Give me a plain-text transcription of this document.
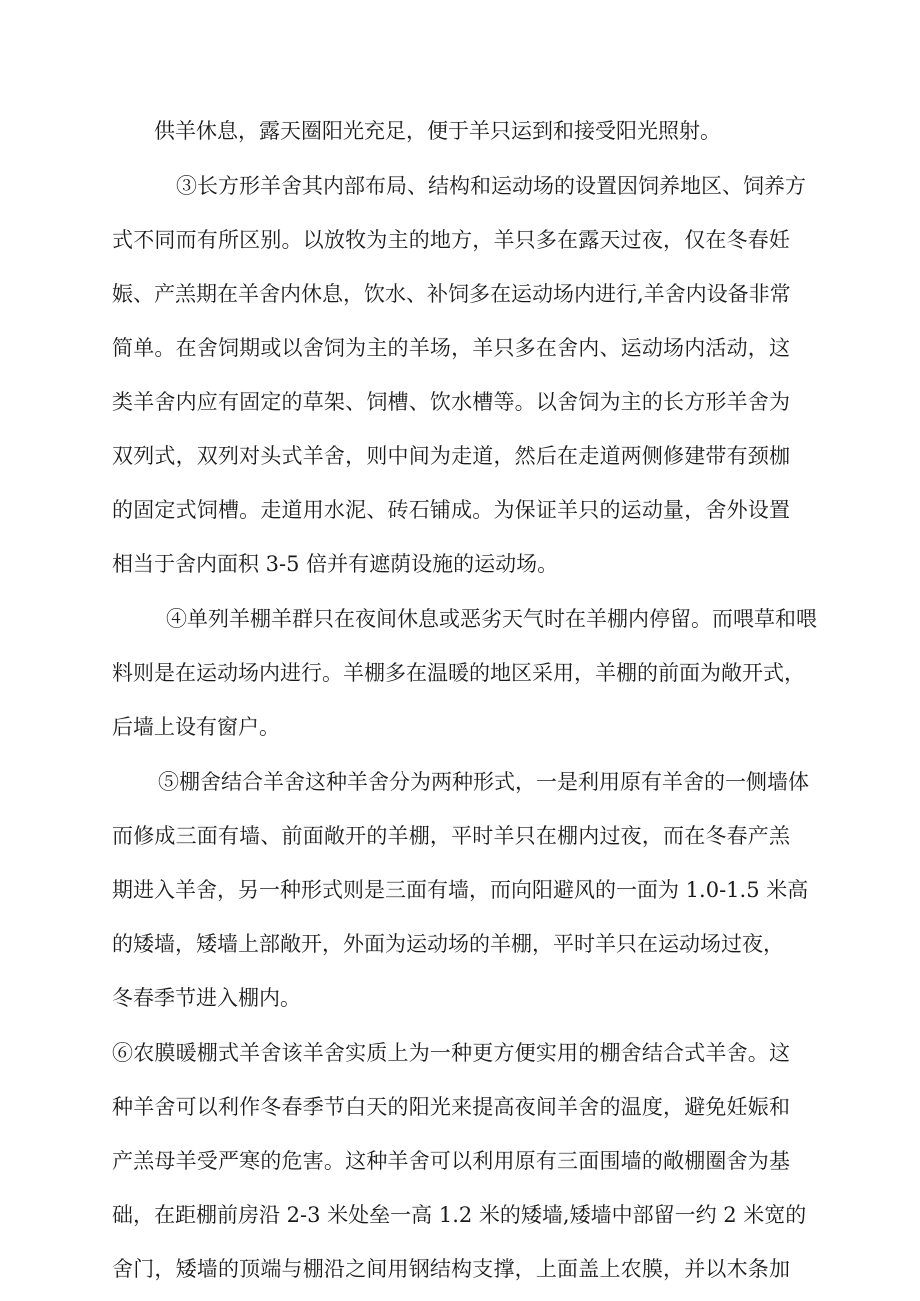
供羊休息，露天圈阳光充足，便于羊只运到和接受阳光照射。
③长方形羊舍其内部布局、结构和运动场的设置因饲养地区、饲养方
式不同而有所区别。以放牧为主的地方，羊只多在露天过夜，仅在冬春妊
娠、产羔期在羊舍内休息，饮水、补饲多在运动场内进行,羊舍内设备非常
简单。在舍饲期或以舍饲为主的羊场，羊只多在舍内、运动场内活动，这
类羊舍内应有固定的草架、饲槽、饮水槽等。以舍饲为主的长方形羊舍为
双列式，双列对头式羊舍，则中间为走道，然后在走道两侧修建带有颈枷
的固定式饲槽。走道用水泥、砖石铺成。为保证羊只的运动量，舍外设置
相当于舍内面积 3-5 倍并有遮荫设施的运动场。
④单列羊棚羊群只在夜间休息或恶劣天气时在羊棚内停留。而喂草和喂
料则是在运动场内进行。羊棚多在温暖的地区采用，羊棚的前面为敞开式，
后墙上设有窗户。
⑤棚舍结合羊舍这种羊舍分为两种形式，一是利用原有羊舍的一侧墙体
而修成三面有墙、前面敞开的羊棚，平时羊只在棚内过夜，而在冬春产羔
期进入羊舍，另一种形式则是三面有墙，而向阳避风的一面为 1.0-1.5 米高
的矮墙，矮墙上部敞开，外面为运动场的羊棚，平时羊只在运动场过夜，
冬春季节进入棚内。
⑥农膜暖棚式羊舍该羊舍实质上为一种更方便实用的棚舍结合式羊舍。这
种羊舍可以利作冬春季节白天的阳光来提高夜间羊舍的温度，避免妊娠和
产羔母羊受严寒的危害。这种羊舍可以利用原有三面围墙的敞棚圈舍为基
础，在距棚前房沿 2-3 米处垒一高 1.2 米的矮墙,矮墙中部留一约 2 米宽的
舍门，矮墙的顶端与棚沿之间用钢结构支撑，上面盖上农膜，并以木条加
